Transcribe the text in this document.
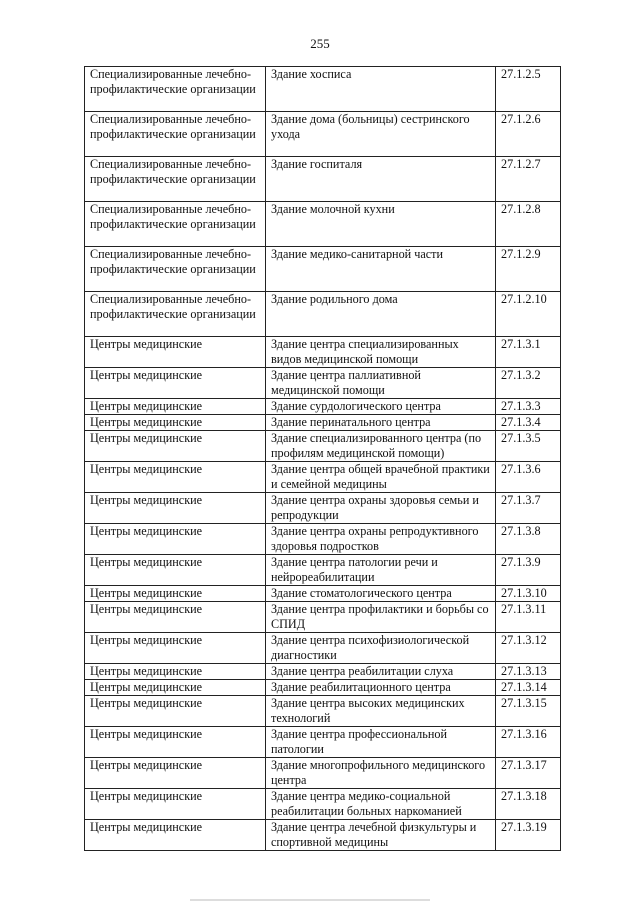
255
Специализированные лечебно-профилактические организации	Здание хосписа	27.1.2.5
Специализированные лечебно-профилактические организации	Здание дома (больницы) сестринского ухода	27.1.2.6
Специализированные лечебно-профилактические организации	Здание госпиталя	27.1.2.7
Специализированные лечебно-профилактические организации	Здание молочной кухни	27.1.2.8
Специализированные лечебно-профилактические организации	Здание медико-санитарной части	27.1.2.9
Специализированные лечебно-профилактические организации	Здание родильного дома	27.1.2.10
Центры медицинские	Здание центра специализированных видов медицинской помощи	27.1.3.1
Центры медицинские	Здание центра паллиативной медицинской помощи	27.1.3.2
Центры медицинские	Здание сурдологического центра	27.1.3.3
Центры медицинские	Здание перинатального центра	27.1.3.4
Центры медицинские	Здание специализированного центра (по профилям медицинской помощи)	27.1.3.5
Центры медицинские	Здание центра общей врачебной практики и семейной медицины	27.1.3.6
Центры медицинские	Здание центра охраны здоровья семьи и репродукции	27.1.3.7
Центры медицинские	Здание центра охраны репродуктивного здоровья подростков	27.1.3.8
Центры медицинские	Здание центра патологии речи и нейрореабилитации	27.1.3.9
Центры медицинские	Здание стоматологического центра	27.1.3.10
Центры медицинские	Здание центра профилактики и борьбы со СПИД	27.1.3.11
Центры медицинские	Здание центра психофизиологической диагностики	27.1.3.12
Центры медицинские	Здание центра реабилитации слуха	27.1.3.13
Центры медицинские	Здание реабилитационного центра	27.1.3.14
Центры медицинские	Здание центра высоких медицинских технологий	27.1.3.15
Центры медицинские	Здание центра профессиональной патологии	27.1.3.16
Центры медицинские	Здание многопрофильного медицинского центра	27.1.3.17
Центры медицинские	Здание центра медико-социальной реабилитации больных наркоманией	27.1.3.18
Центры медицинские	Здание центра лечебной физкультуры и спортивной медицины	27.1.3.19
